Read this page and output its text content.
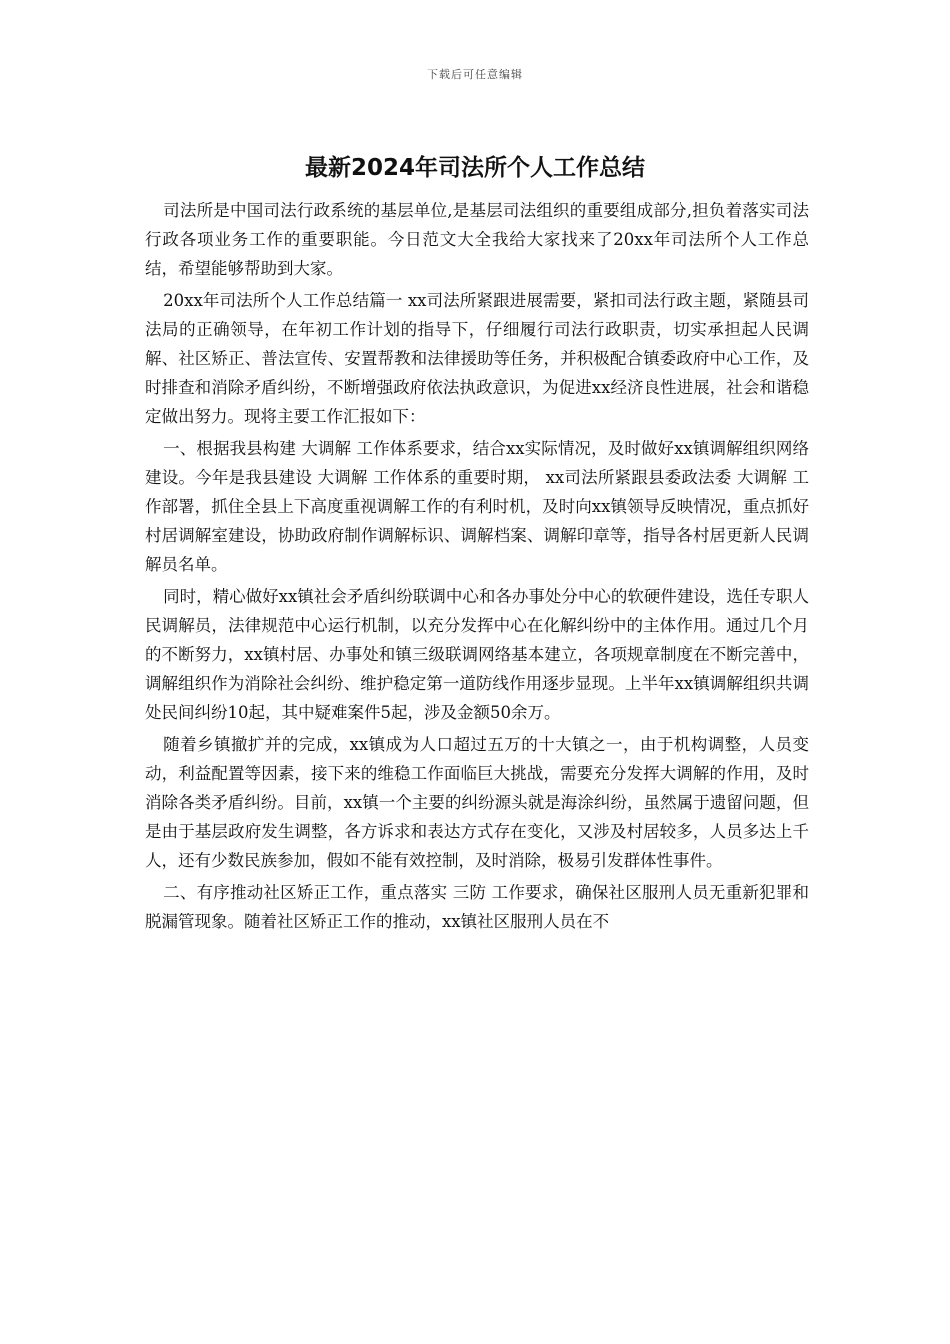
下载后可任意编辑
最新2024年司法所个人工作总结

司法所是中国司法行政系统的基层单位,是基层司法组织的重要组成部分,担负着落实司法行政各项业务工作的重要职能。今日范文大全我给大家找来了20xx年司法所个人工作总结，希望能够帮助到大家。

20xx年司法所个人工作总结篇一 xx司法所紧跟进展需要，紧扣司法行政主题，紧随县司法局的正确领导，在年初工作计划的指导下，仔细履行司法行政职责，切实承担起人民调解、社区矫正、普法宣传、安置帮教和法律援助等任务，并积极配合镇委政府中心工作，及时排查和消除矛盾纠纷，不断增强政府依法执政意识，为促进xx经济良性进展，社会和谐稳定做出努力。现将主要工作汇报如下：

一、根据我县构建 大调解 工作体系要求，结合xx实际情况，及时做好xx镇调解组织网络建设。今年是我县建设 大调解 工作体系的重要时期， xx司法所紧跟县委政法委 大调解 工作部署，抓住全县上下高度重视调解工作的有利时机，及时向xx镇领导反映情况，重点抓好村居调解室建设，协助政府制作调解标识、调解档案、调解印章等，指导各村居更新人民调解员名单。

同时，精心做好xx镇社会矛盾纠纷联调中心和各办事处分中心的软硬件建设，选任专职人民调解员，法律规范中心运行机制，以充分发挥中心在化解纠纷中的主体作用。通过几个月的不断努力，xx镇村居、办事处和镇三级联调网络基本建立，各项规章制度在不断完善中，调解组织作为消除社会纠纷、维护稳定第一道防线作用逐步显现。上半年xx镇调解组织共调处民间纠纷10起，其中疑难案件5起，涉及金额50余万。

随着乡镇撤扩并的完成，xx镇成为人口超过五万的十大镇之一，由于机构调整，人员变动，利益配置等因素，接下来的维稳工作面临巨大挑战，需要充分发挥大调解的作用，及时消除各类矛盾纠纷。目前，xx镇一个主要的纠纷源头就是海涂纠纷，虽然属于遗留问题，但是由于基层政府发生调整，各方诉求和表达方式存在变化，又涉及村居较多，人员多达上千人，还有少数民族参加，假如不能有效控制，及时消除，极易引发群体性事件。

二、有序推动社区矫正工作，重点落实 三防 工作要求，确保社区服刑人员无重新犯罪和脱漏管现象。随着社区矫正工作的推动，xx镇社区服刑人员在不
